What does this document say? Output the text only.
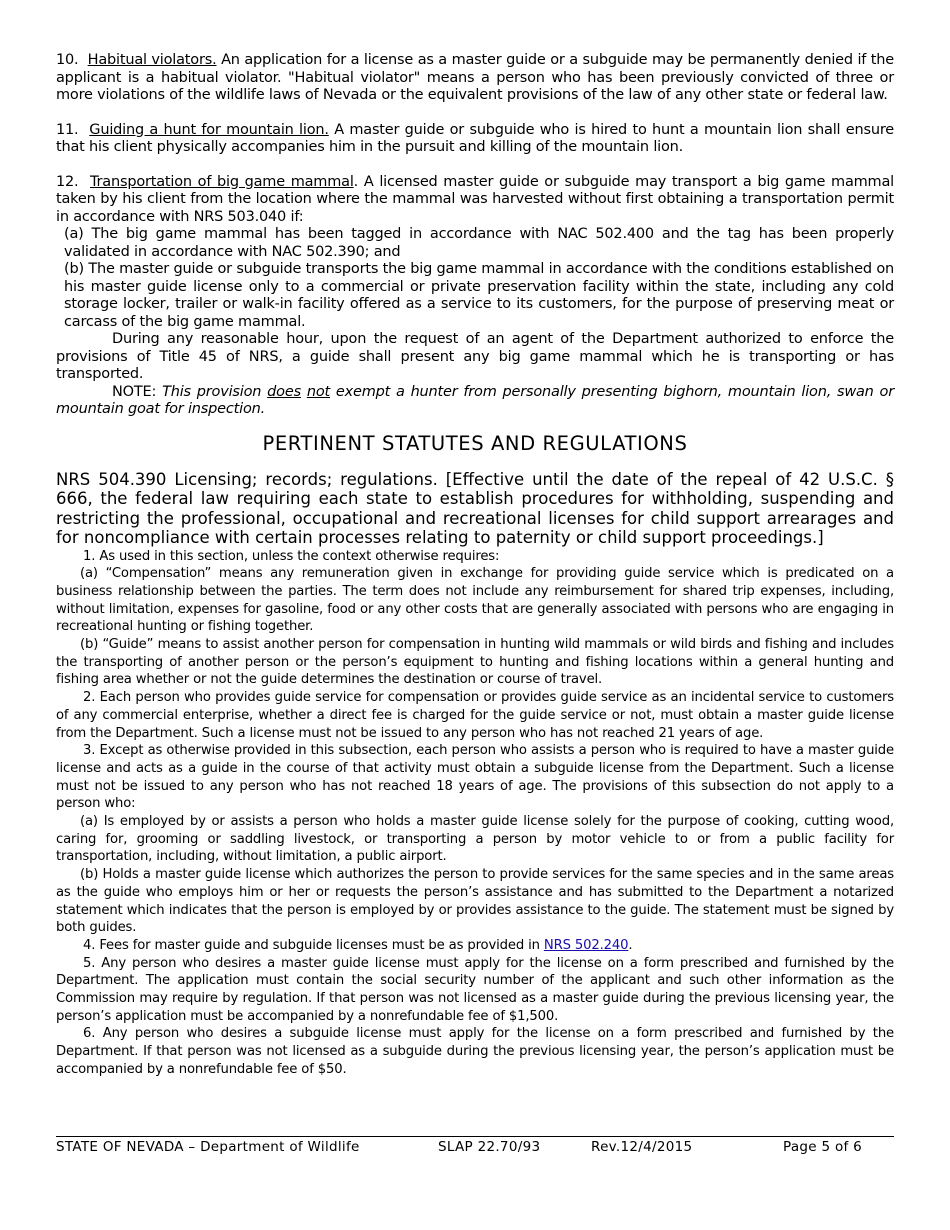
10. Habitual violators. An application for a license as a master guide or a subguide may be permanently denied if the applicant is a habitual violator. "Habitual violator" means a person who has been previously convicted of three or more violations of the wildlife laws of Nevada or the equivalent provisions of the law of any other state or federal law.

11. Guiding a hunt for mountain lion. A master guide or subguide who is hired to hunt a mountain lion shall ensure that his client physically accompanies him in the pursuit and killing of the mountain lion.

12. Transportation of big game mammal. A licensed master guide or subguide may transport a big game mammal taken by his client from the location where the mammal was harvested without first obtaining a transportation permit in accordance with NRS 503.040 if:

(a) The big game mammal has been tagged in accordance with NAC 502.400 and the tag has been properly validated in accordance with NAC 502.390; and

(b) The master guide or subguide transports the big game mammal in accordance with the conditions established on his master guide license only to a commercial or private preservation facility within the state, including any cold storage locker, trailer or walk-in facility offered as a service to its customers, for the purpose of preserving meat or carcass of the big game mammal.

During any reasonable hour, upon the request of an agent of the Department authorized to enforce the provisions of Title 45 of NRS, a guide shall present any big game mammal which he is transporting or has transported.

NOTE: This provision does not exempt a hunter from personally presenting bighorn, mountain lion, swan or mountain goat for inspection.

PERTINENT STATUTES AND REGULATIONS

NRS 504.390 Licensing; records; regulations. [Effective until the date of the repeal of 42 U.S.C. § 666, the federal law requiring each state to establish procedures for withholding, suspending and restricting the professional, occupational and recreational licenses for child support arrearages and for noncompliance with certain processes relating to paternity or child support proceedings.]

1. As used in this section, unless the context otherwise requires:

(a) “Compensation” means any remuneration given in exchange for providing guide service which is predicated on a business relationship between the parties. The term does not include any reimbursement for shared trip expenses, including, without limitation, expenses for gasoline, food or any other costs that are generally associated with persons who are engaging in recreational hunting or fishing together.

(b) “Guide” means to assist another person for compensation in hunting wild mammals or wild birds and fishing and includes the transporting of another person or the person’s equipment to hunting and fishing locations within a general hunting and fishing area whether or not the guide determines the destination or course of travel.

2. Each person who provides guide service for compensation or provides guide service as an incidental service to customers of any commercial enterprise, whether a direct fee is charged for the guide service or not, must obtain a master guide license from the Department. Such a license must not be issued to any person who has not reached 21 years of age.

3. Except as otherwise provided in this subsection, each person who assists a person who is required to have a master guide license and acts as a guide in the course of that activity must obtain a subguide license from the Department. Such a license must not be issued to any person who has not reached 18 years of age. The provisions of this subsection do not apply to a person who:

(a) Is employed by or assists a person who holds a master guide license solely for the purpose of cooking, cutting wood, caring for, grooming or saddling livestock, or transporting a person by motor vehicle to or from a public facility for transportation, including, without limitation, a public airport.

(b) Holds a master guide license which authorizes the person to provide services for the same species and in the same areas as the guide who employs him or her or requests the person’s assistance and has submitted to the Department a notarized statement which indicates that the person is employed by or provides assistance to the guide. The statement must be signed by both guides.

4. Fees for master guide and subguide licenses must be as provided in NRS 502.240.

5. Any person who desires a master guide license must apply for the license on a form prescribed and furnished by the Department. The application must contain the social security number of the applicant and such other information as the Commission may require by regulation. If that person was not licensed as a master guide during the previous licensing year, the person’s application must be accompanied by a nonrefundable fee of $1,500.

6. Any person who desires a subguide license must apply for the license on a form prescribed and furnished by the Department. If that person was not licensed as a subguide during the previous licensing year, the person’s application must be accompanied by a nonrefundable fee of $50.

STATE OF NEVADA – Department of Wildlife	SLAP 22.70/93	Rev.12/4/2015	Page 5 of 6
